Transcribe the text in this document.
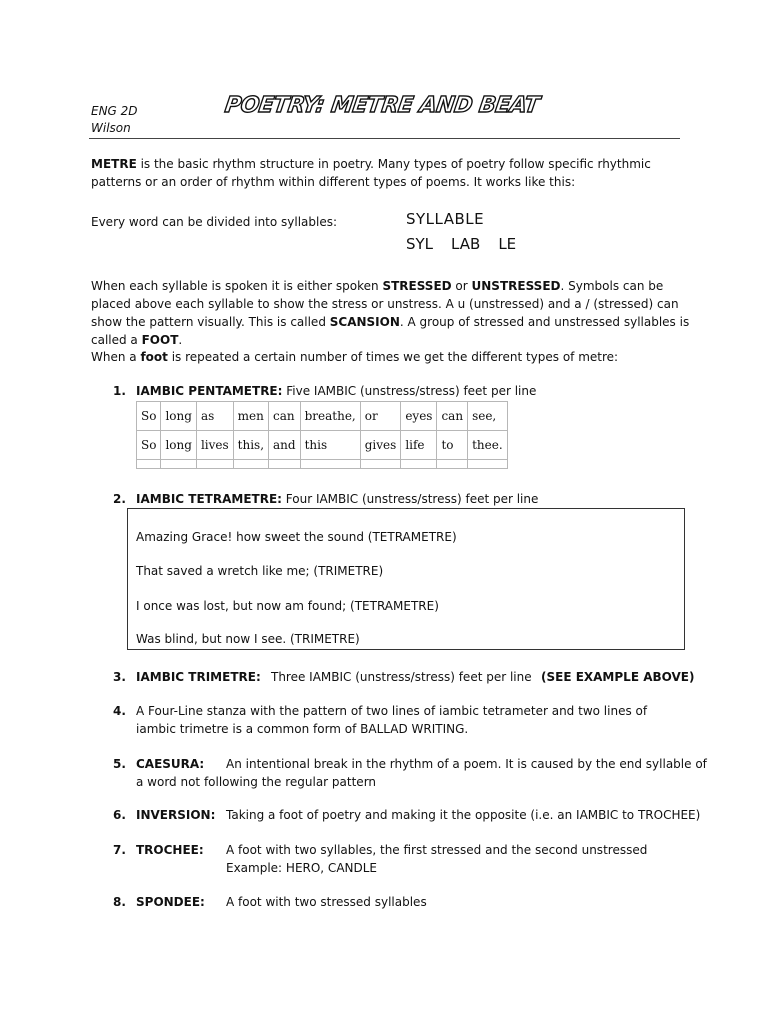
ENG 2D
Wilson
POETRY: METRE AND BEAT
METRE is the basic rhythm structure in poetry. Many types of poetry follow specific rhythmic patterns or an order of rhythm within different types of poems. It works like this:
Every word can be divided into syllables:	SYLLABLE
SYL LAB LE
When each syllable is spoken it is either spoken STRESSED or UNSTRESSED. Symbols can be placed above each syllable to show the stress or unstress. A u (unstressed) and a / (stressed) can show the pattern visually. This is called SCANSION. A group of stressed and unstressed syllables is called a FOOT.
When a foot is repeated a certain number of times we get the different types of metre:
1. IAMBIC PENTAMETRE: Five IAMBIC (unstress/stress) feet per line
So	long	as	men	can	breathe,	or	eyes	can	see,
So	long	lives	this,	and	this	gives	life	to	thee.

2. IAMBIC TETRAMETRE: Four IAMBIC (unstress/stress) feet per line
Amazing Grace! how sweet the sound (TETRAMETRE)
That saved a wretch like me; (TRIMETRE)
I once was lost, but now am found; (TETRAMETRE)
Was blind, but now I see. (TRIMETRE)
3. IAMBIC TRIMETRE: Three IAMBIC (unstress/stress) feet per line (SEE EXAMPLE ABOVE)
4. A Four-Line stanza with the pattern of two lines of iambic tetrameter and two lines of iambic trimetre is a common form of BALLAD WRITING.
5. CAESURA: An intentional break in the rhythm of a poem. It is caused by the end syllable of
a word not following the regular pattern
6. INVERSION: Taking a foot of poetry and making it the opposite (i.e. an IAMBIC to TROCHEE)
7. TROCHEE: A foot with two syllables, the first stressed and the second unstressed
Example: HERO, CANDLE
8. SPONDEE: A foot with two stressed syllables
